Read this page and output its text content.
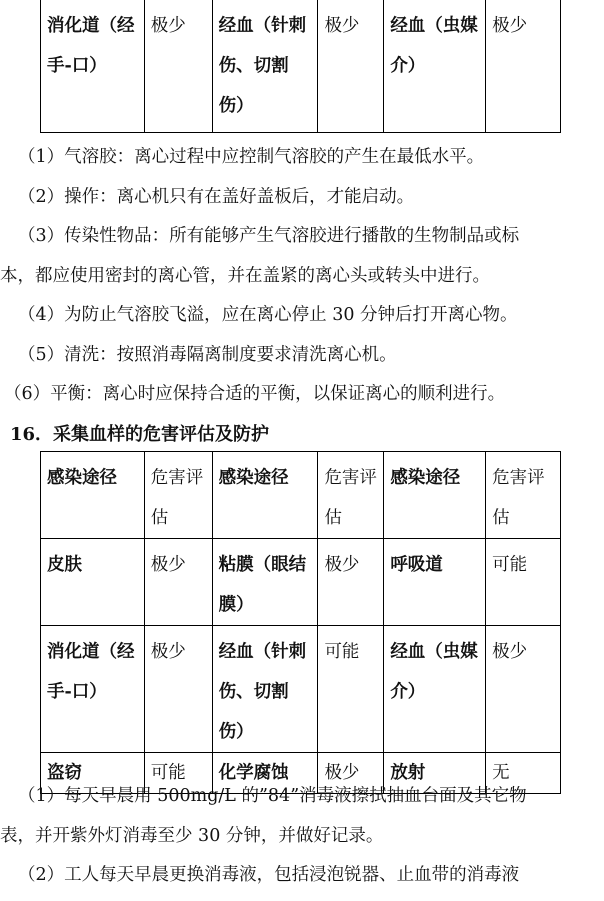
消化道（经手-口）	极少	经血（针刺伤、切割伤）	极少	经血（虫媒介）	极少
（1）气溶胶：离心过程中应控制气溶胶的产生在最低水平。
（2）操作：离心机只有在盖好盖板后，才能启动。
（3）传染性物品：所有能够产生气溶胶进行播散的生物制品或标
本，都应使用密封的离心管，并在盖紧的离心头或转头中进行。
（4）为防止气溶胶飞溢，应在离心停止 30 分钟后打开离心物。
（5）清洗：按照消毒隔离制度要求清洗离心机。
（6）平衡：离心时应保持合适的平衡，以保证离心的顺利进行。
16．采集血样的危害评估及防护
感染途径	危害评估	感染途径	危害评估	感染途径	危害评估
皮肤	极少	粘膜（眼结膜）	极少	呼吸道	可能
消化道（经手-口）	极少	经血（针刺伤、切割伤）	可能	经血（虫媒介）	极少
盗窃	可能	化学腐蚀	极少	放射	无
（1）每天早晨用 500mg/L 的”84”消毒液擦拭抽血台面及其它物
表，并开紫外灯消毒至少 30 分钟，并做好记录。
（2）工人每天早晨更换消毒液，包括浸泡锐器、止血带的消毒液
